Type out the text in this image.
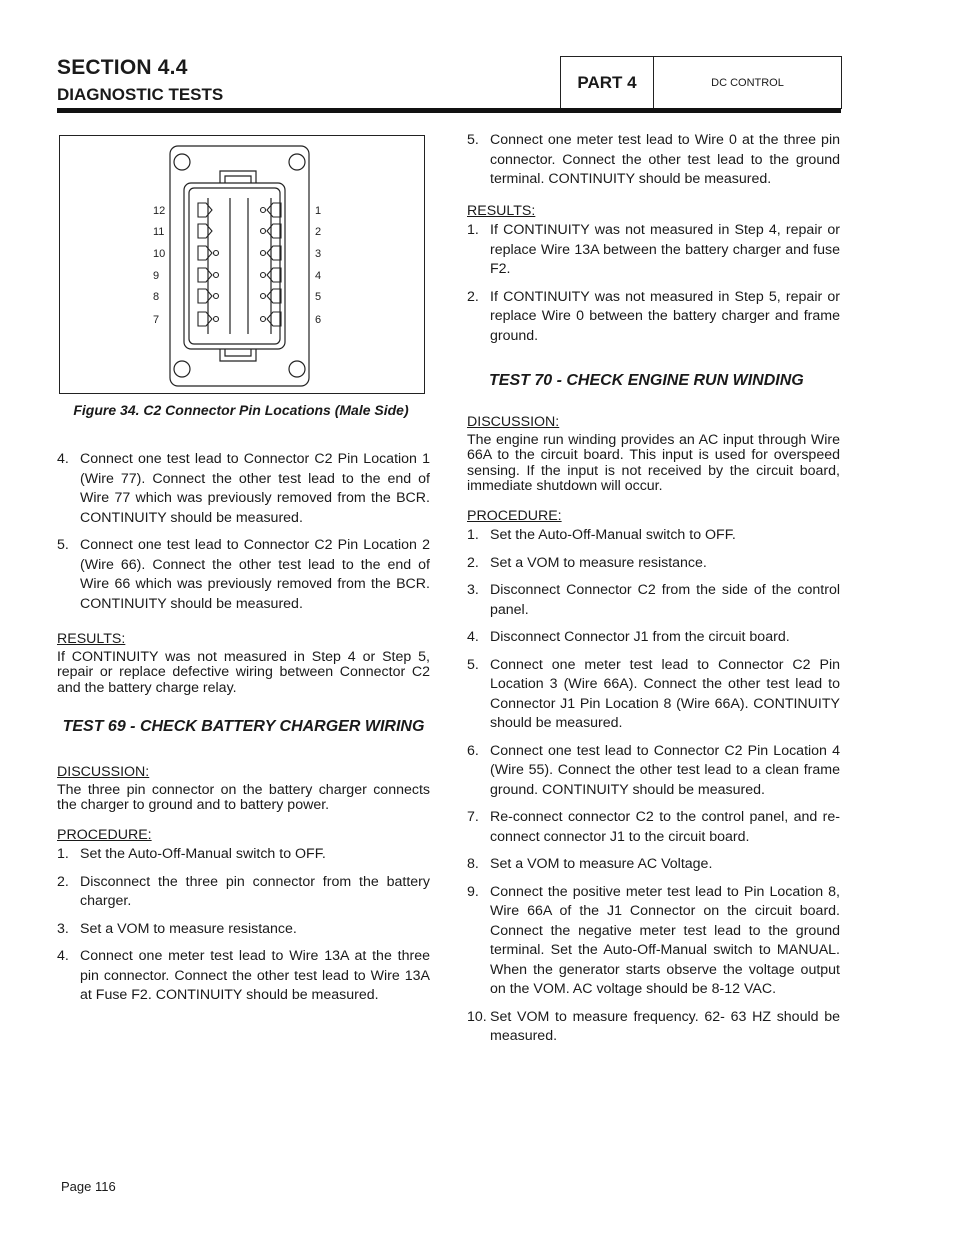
SECTION 4.4
DIAGNOSTIC TESTS
PART 4	DC CONTROL
12
11
10
9
8
7
1
2
3
4
5
6
Figure 34. C2 Connector Pin Locations (Male Side)
4. Connect one test lead to Connector C2 Pin Location 1 (Wire 77). Connect the other test lead to the end of Wire 77 which was previously removed from the BCR. CONTINUITY should be measured.
5. Connect one test lead to Connector C2 Pin Location 2 (Wire 66). Connect the other test lead to the end of Wire 66 which was previously removed from the BCR. CONTINUITY should be measured.

RESULTS:

If CONTINUITY was not measured in Step 4 or Step 5, repair or replace defective wiring between Connector C2 and the battery charge relay.

TEST 69 - CHECK BATTERY CHARGER WIRING

DISCUSSION:

The three pin connector on the battery charger connects the charger to ground and to battery power.

PROCEDURE:

1. Set the Auto-Off-Manual switch to OFF.
2. Disconnect the three pin connector from the battery charger.
3. Set a VOM to measure resistance.
4. Connect one meter test lead to Wire 13A at the three pin connector. Connect the other test lead to Wire 13A at Fuse F2. CONTINUITY should be measured.
5. Connect one meter test lead to Wire 0 at the three pin connector. Connect the other test lead to the ground terminal. CONTINUITY should be measured.

RESULTS:

1. If CONTINUITY was not measured in Step 4, repair or replace Wire 13A between the battery charger and fuse F2.
2. If CONTINUITY was not measured in Step 5, repair or replace Wire 0 between the battery charger and frame ground.

TEST 70 - CHECK ENGINE RUN WINDING

DISCUSSION:

The engine run winding provides an AC input through Wire 66A to the circuit board. This input is used for overspeed sensing. If the input is not received by the circuit board, immediate shutdown will occur.

PROCEDURE:

1. Set the Auto-Off-Manual switch to OFF.
2. Set a VOM to measure resistance.
3. Disconnect Connector C2 from the side of the control panel.
4. Disconnect Connector J1 from the circuit board.
5. Connect one meter test lead to Connector C2 Pin Location 3 (Wire 66A). Connect the other test lead to Connector J1 Pin Location 8 (Wire 66A). CONTINUITY should be measured.
6. Connect one test lead to Connector C2 Pin Location 4 (Wire 55). Connect the other test lead to a clean frame ground. CONTINUITY should be measured.
7. Re-connect connector C2 to the control panel, and re-connect connector J1 to the circuit board.
8. Set a VOM to measure AC Voltage.
9. Connect the positive meter test lead to Pin Location 8, Wire 66A of the J1 Connector on the circuit board. Connect the negative meter test lead to the ground terminal. Set the Auto-Off-Manual switch to MANUAL. When the generator starts observe the voltage output on the VOM. AC voltage should be 8-12 VAC.
10. Set VOM to measure frequency. 62- 63 HZ should be measured.
Page 116
